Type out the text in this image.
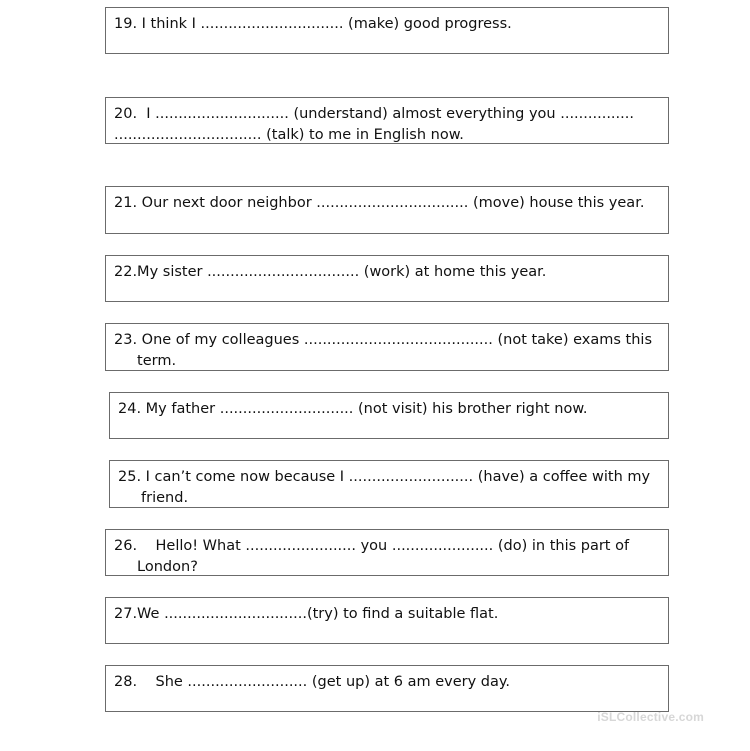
19. I think I ............................... (make) good progress.
20.  I ............................. (understand) almost everything you ................
................................ (talk) to me in English now.
21. Our next door neighbor ................................. (move) house this year.
22.My sister ................................. (work) at home this year.
23. One of my colleagues ......................................... (not take) exams this
term.
24. My father ............................. (not visit) his brother right now.
25. I can’t come now because I ........................... (have) a coffee with my
friend.
26.    Hello! What ........................ you ...................... (do) in this part of
London?
27.We ...............................(try) to find a suitable flat.
28.    She .......................... (get up) at 6 am every day.
iSLCollective.com
